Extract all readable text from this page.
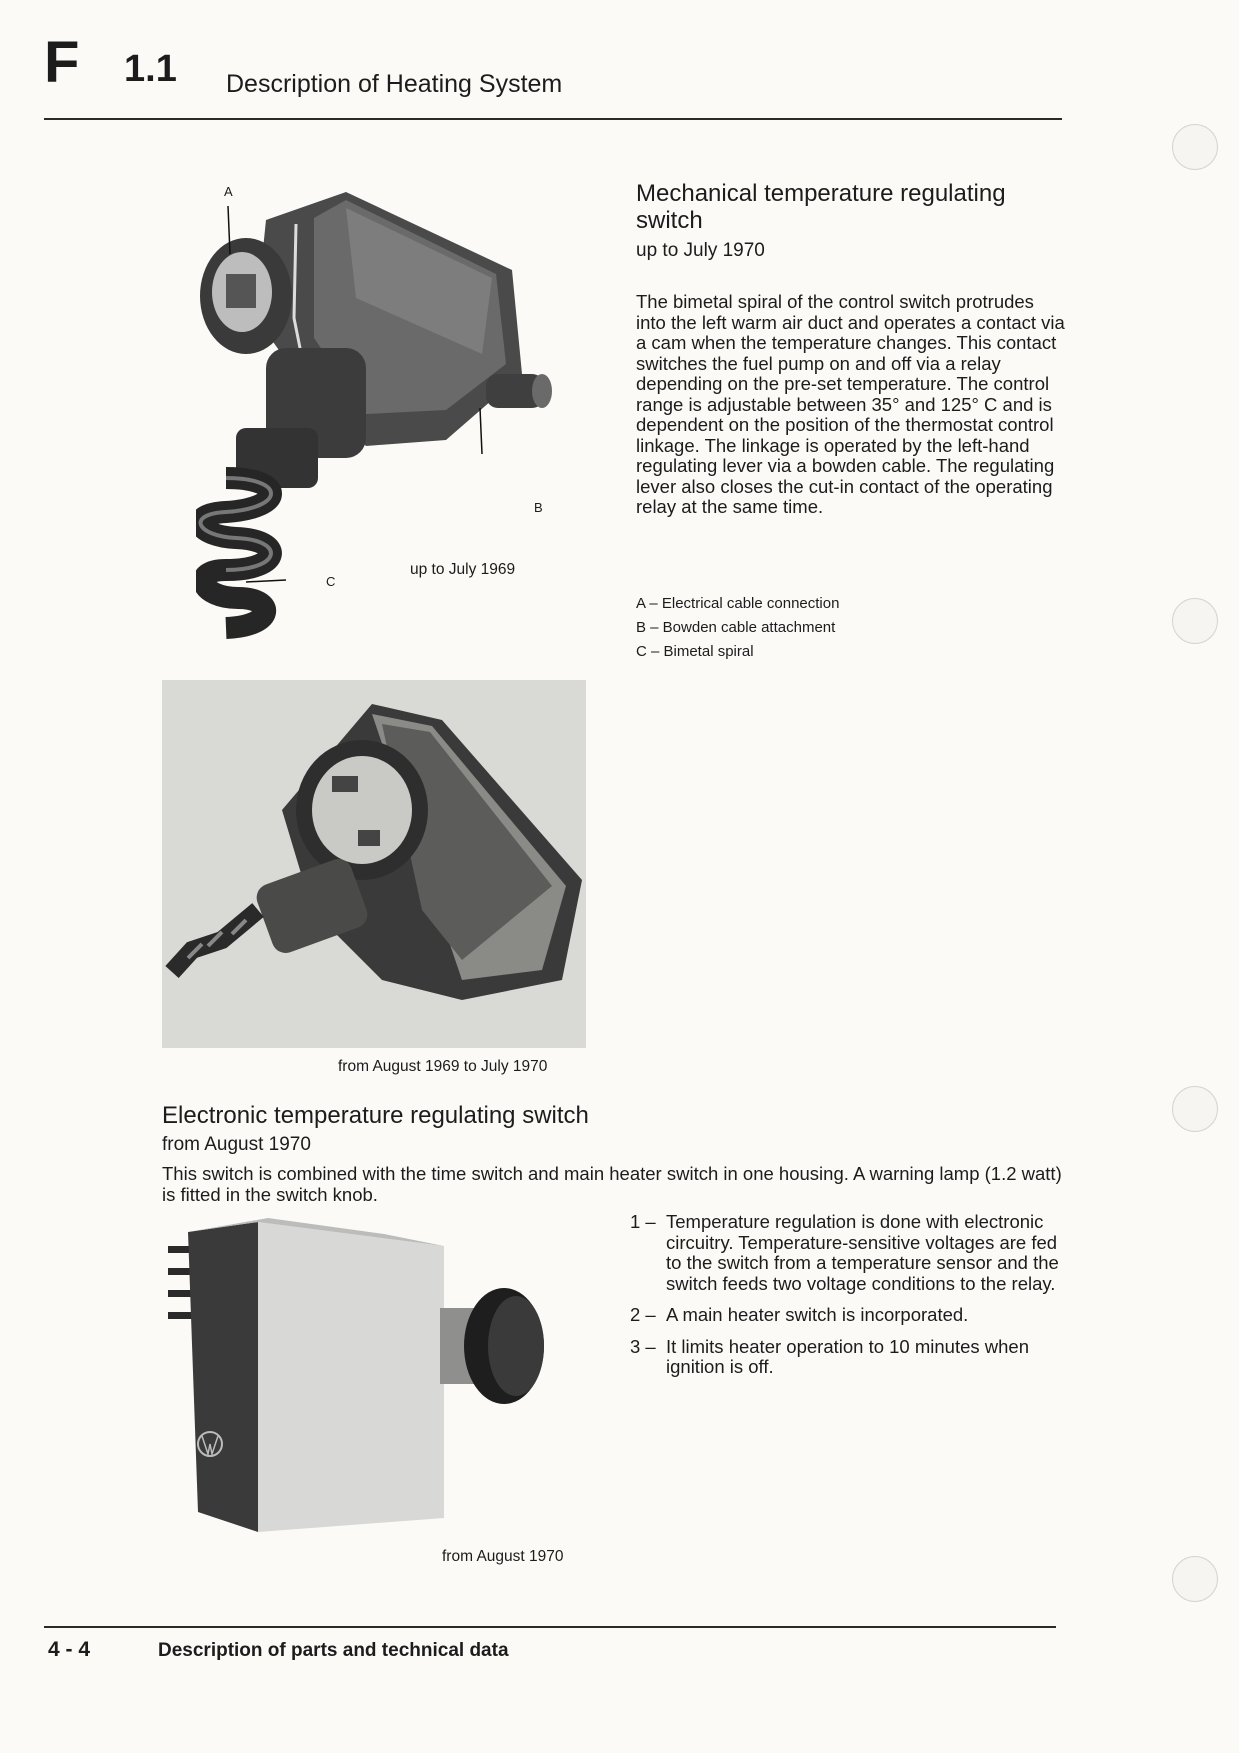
F 1.1 Description of Heating System
A
B
C
up to July 1969
Mechanical temperature regulating switch
up to July 1970

The bimetal spiral of the control switch protrudes into the left warm air duct and operates a contact via a cam when the temperature changes. This contact switches the fuel pump on and off via a relay depending on the pre-set temperature. The control range is adjustable between 35° and 125° C and is dependent on the position of the thermostat control linkage. The linkage is operated by the left-hand regulating lever via a bowden cable. The regulating lever also closes the cut-in contact of the operating relay at the same time.

A – Electrical cable connection
B – Bowden cable attachment
C – Bimetal spiral
from August 1969 to July 1970
Electronic temperature regulating switch
from August 1970

This switch is combined with the time switch and main heater switch in one housing. A warning lamp (1.2 watt) is fitted in the switch knob.

from August 1970
1 – Temperature regulation is done with electronic circuitry. Temperature-sensitive voltages are fed to the switch from a temperature sensor and the switch feeds two voltage conditions to the relay.
2 – A main heater switch is incorporated.
3 – It limits heater operation to 10 minutes when ignition is off.
4 - 4	Description of parts and technical data
